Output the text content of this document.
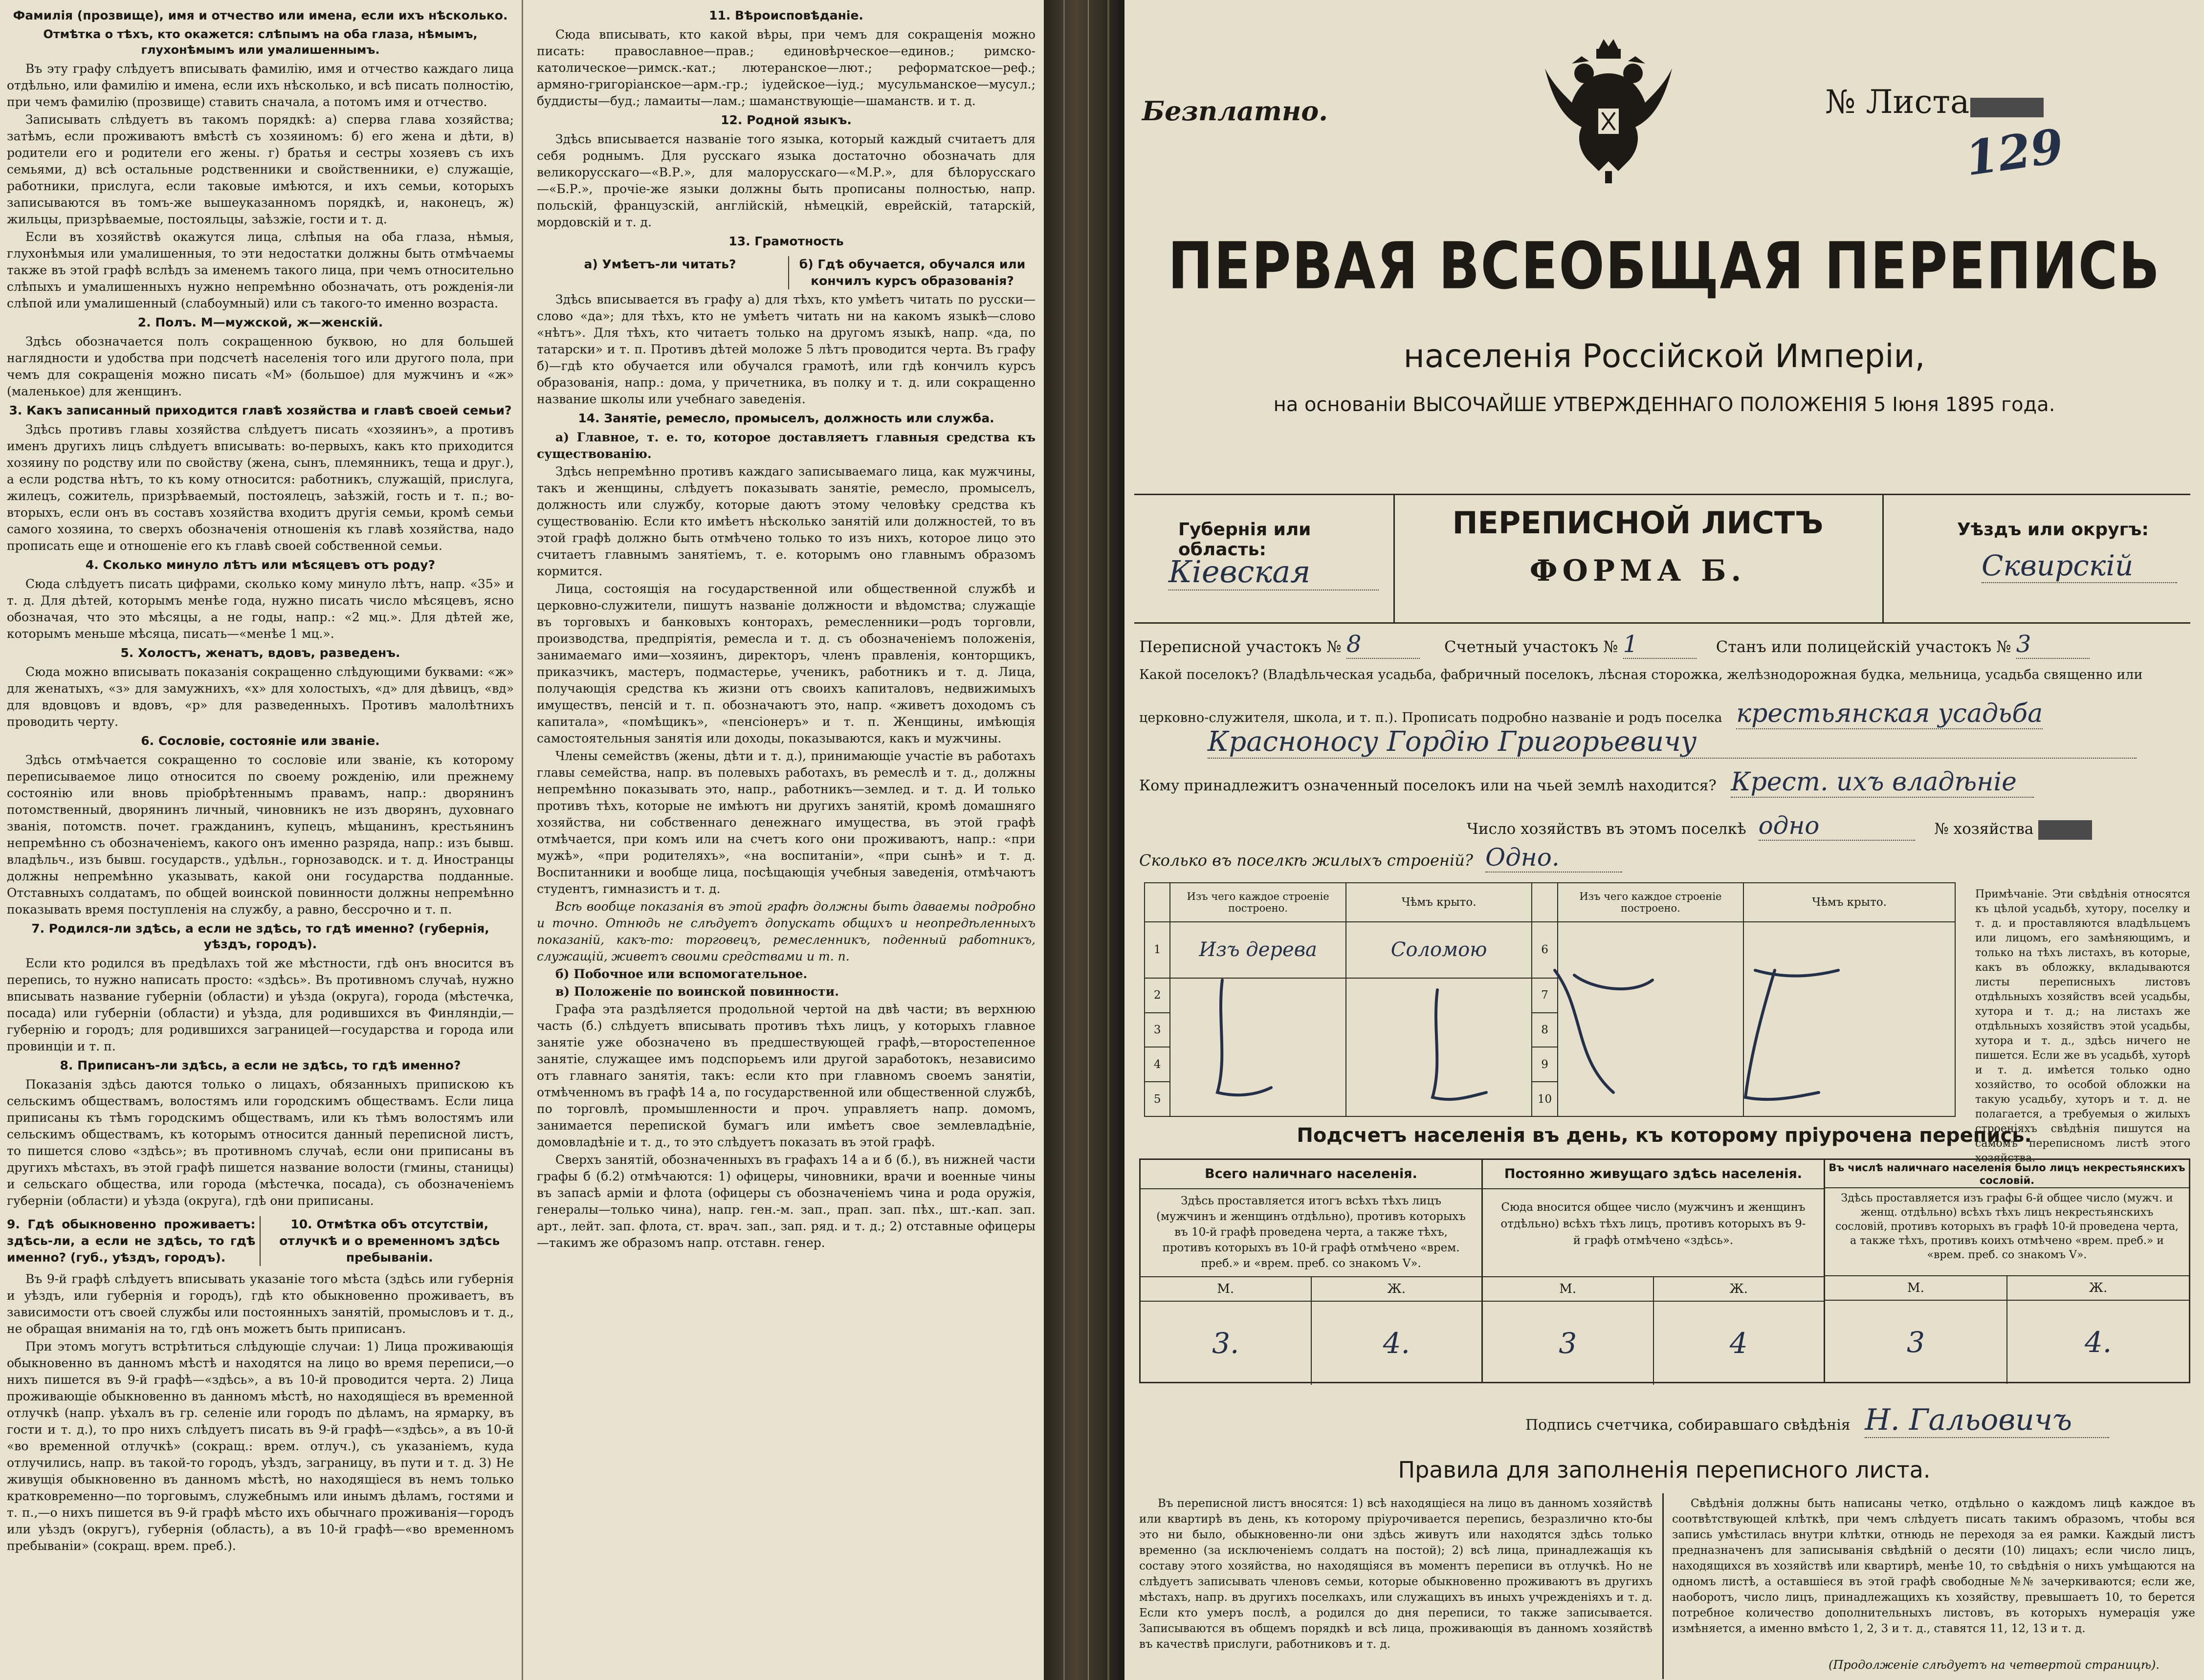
Фамилія (прозвище), имя и отчество или имена, если ихъ нѣсколько.
Отмѣтка о тѣхъ, кто окажется: слѣпымъ на оба глаза, нѣмымъ, глухонѣмымъ или умалишеннымъ.
Въ эту графу слѣдуетъ вписывать фамилію, имя и отчество каждаго лица отдѣльно, или фамилію и имена, если ихъ нѣсколько, и всѣ писать полностію, при чемъ фамилію (прозвище) ставить сначала, а потомъ имя и отчество.
Записывать слѣдуетъ въ такомъ порядкѣ: а) сперва глава хозяйства; затѣмъ, если проживаютъ вмѣстѣ съ хозяиномъ: б) его жена и дѣти, в) родители его и родители его жены. г) братья и сестры хозяевъ съ ихъ семьями, д) всѣ остальные родственники и свойственники, е) служащіе, работники, прислуга, если таковые имѣются, и ихъ семьи, которыхъ записываются въ томъ-же вышеуказанномъ порядкѣ, и, наконецъ, ж) жильцы, призрѣваемые, постояльцы, заѣзжіе, гости и т. д.
Если въ хозяйствѣ окажутся лица, слѣпыя на оба глаза, нѣмыя, глухонѣмыя или умалишенныя, то эти недостатки должны быть отмѣчаемы также въ этой графѣ вслѣдъ за именемъ такого лица, при чемъ относительно слѣпыхъ и умалишенныхъ нужно непремѣнно обозначать, отъ рожденія-ли слѣпой или умалишенный (слабоумный) или съ такого-то именно возраста.
2. Полъ. М—мужской, ж—женскій.
Здѣсь обозначается полъ сокращенною буквою, но для большей наглядности и удобства при подсчетѣ населенія того или другого пола, при чемъ для сокращенія можно писать «М» (большое) для мужчинъ и «ж» (маленькое) для женщинъ.
3. Какъ записанный приходится главѣ хозяйства и главѣ своей семьи?
Здѣсь противъ главы хозяйства слѣдуетъ писать «хозяинъ», а противъ именъ другихъ лицъ слѣдуетъ вписывать: во-первыхъ, какъ кто приходится хозяину по родству или по свойству (жена, сынъ, племянникъ, теща и друг.), а если родства нѣтъ, то къ кому относится: работникъ, служащій, прислуга, жилецъ, сожитель, призрѣваемый, постоялецъ, заѣзжій, гость и т. п.; во-вторыхъ, если онъ въ составъ хозяйства входитъ другія семьи, кромѣ семьи самого хозяина, то сверхъ обозначенія отношенія къ главѣ хозяйства, надо прописать еще и отношеніе его къ главѣ своей собственной семьи.
4. Сколько минуло лѣтъ или мѣсяцевъ отъ роду?
Сюда слѣдуетъ писать цифрами, сколько кому минуло лѣтъ, напр. «35» и т. д. Для дѣтей, которымъ менѣе года, нужно писать число мѣсяцевъ, ясно обозначая, что это мѣсяцы, а не годы, напр.: «2 мц.». Для дѣтей же, которымъ меньше мѣсяца, писать—«менѣе 1 мц.».
5. Холостъ, женатъ, вдовъ, разведенъ.
Сюда можно вписывать показанія сокращенно слѣдующими буквами: «ж» для женатыхъ, «з» для замужнихъ, «х» для холостыхъ, «д» для дѣвицъ, «вд» для вдовцовъ и вдовъ, «р» для разведенныхъ. Противъ малолѣтнихъ проводить черту.
6. Сословіе, состояніе или званіе.
Здѣсь отмѣчается сокращенно то сословіе или званіе, къ которому переписываемое лицо относится по своему рожденію, или прежнему состоянію или вновь пріобрѣтеннымъ правамъ, напр.: дворянинъ потомственный, дворянинъ личный, чиновникъ не изъ дворянъ, духовнаго званія, потомств. почет. гражданинъ, купецъ, мѣщанинъ, крестьянинъ непремѣнно съ обозначеніемъ, какого онъ именно разряда, напр.: изъ бывш. владѣльч., изъ бывш. государств., удѣльн., горнозаводск. и т. д. Иностранцы должны непремѣнно указывать, какой они государства подданные. Отставныхъ солдатамъ, по общей воинской повинности должны непремѣнно показывать время поступленія на службу, а равно, бессрочно и т. п.
7. Родился-ли здѣсь, а если не здѣсь, то гдѣ именно? (губернія, уѣздъ, городъ).
Если кто родился въ предѣлахъ той же мѣстности, гдѣ онъ вносится въ перепись, то нужно написать просто: «здѣсь». Въ противномъ случаѣ, нужно вписывать название губерніи (области) и уѣзда (округа), города (мѣстечка, посада) или губерніи (области) и уѣзда, для родившихся въ Финляндіи,—губернію и городъ; для родившихся заграницей—государства и города или провинціи и т. п.
8. Приписанъ-ли здѣсь, а если не здѣсь, то гдѣ именно?
Показанія здѣсь даются только о лицахъ, обязанныхъ припискою къ сельскимъ обществамъ, волостямъ или городскимъ обществамъ. Если лица приписаны къ тѣмъ городскимъ обществамъ, или къ тѣмъ волостямъ или сельскимъ обществамъ, къ которымъ относится данный переписной листъ, то пишется слово «здѣсь»; въ противномъ случаѣ, если они приписаны въ другихъ мѣстахъ, въ этой графѣ пишется название волости (гмины, станицы) и сельскаго общества, или города (мѣстечка, посада), съ обозначеніемъ губерніи (области) и уѣзда (округа), гдѣ они приписаны.
9. Гдѣ обыкновенно проживаетъ: здѣсь-ли, а если не здѣсь, то гдѣ именно? (губ., уѣздъ, городъ).
10. Отмѣтка объ отсутствіи, отлучкѣ и о временномъ здѣсь пребываніи.
Въ 9-й графѣ слѣдуетъ вписывать указаніе того мѣста (здѣсь или губернія и уѣздъ, или губернія и городъ), гдѣ кто обыкновенно проживаетъ, въ зависимости отъ своей службы или постоянныхъ занятій, промысловъ и т. д., не обращая вниманія на то, гдѣ онъ можетъ быть приписанъ.
При этомъ могутъ встрѣтиться слѣдующіе случаи: 1) Лица проживающія обыкновенно въ данномъ мѣстѣ и находятся на лицо во время переписи,—о нихъ пишется въ 9-й графѣ—«здѣсь», а въ 10-й проводится черта. 2) Лица проживающіе обыкновенно въ данномъ мѣстѣ, но находящіеся въ временной отлучкѣ (напр. уѣхалъ въ гр. селеніе или городъ по дѣламъ, на ярмарку, въ гости и т. д.), то про нихъ слѣдуетъ писать въ 9-й графѣ—«здѣсь», а въ 10-й «во временной отлучкѣ» (сокращ.: врем. отлуч.), съ указаніемъ, куда отлучились, напр. въ такой-то городъ, уѣздъ, заграницу, въ пути и т. д. 3) Не живущія обыкновенно въ данномъ мѣстѣ, но находящіеся въ немъ только кратковременно—по торговымъ, служебнымъ или инымъ дѣламъ, гостями и т. п.,—о нихъ пишется въ 9-й графѣ мѣсто ихъ обычнаго проживанія—городъ или уѣздъ (округъ), губернія (область), а въ 10-й графѣ—«во временномъ пребываніи» (сокращ. врем. преб.).
11. Вѣроисповѣданіе.
Сюда вписывать, кто какой вѣры, при чемъ для сокращенія можно писать: православное—прав.; единовѣрческое—единов.; римско-католическое—римск.-кат.; лютеранское—лют.; реформатское—реф.; армяно-григоріанское—арм.-гр.; іудейское—іуд.; мусульманское—мусул.; буддисты—буд.; ламаиты—лам.; шаманствующіе—шаманств. и т. д.
12. Родной языкъ.
Здѣсь вписывается названіе того языка, который каждый считаетъ для себя роднымъ. Для русскаго языка достаточно обозначать для великорусскаго—«В.Р.», для малорусскаго—«М.Р.», для бѣлорусскаго—«Б.Р.», прочіе-же языки должны быть прописаны полностью, напр. польскій, французскій, англійскій, нѣмецкій, еврейскій, татарскій, мордовскій и т. д.
13. Грамотность
а) Умѣетъ-ли читать?	б) Гдѣ обучается, обучался или кончилъ курсъ образованія?
Здѣсь вписывается въ графу а) для тѣхъ, кто умѣетъ читать по русски—слово «да»; для тѣхъ, кто не умѣетъ читать ни на какомъ языкѣ—слово «нѣтъ». Для тѣхъ, кто читаетъ только на другомъ языкѣ, напр. «да, по татарски» и т. п. Противъ дѣтей моложе 5 лѣтъ проводится черта. Въ графу б)—гдѣ кто обучается или обучался грамотѣ, или гдѣ кончилъ курсъ образованія, напр.: дома, у причетника, въ полку и т. д. или сокращенно название школы или учебнаго заведенія.
14. Занятіе, ремесло, промыселъ, должность или служба.
а) Главное, т. е. то, которое доставляетъ главныя средства къ существованію.
Здѣсь непремѣнно противъ каждаго записываемаго лица, как мужчины, такъ и женщины, слѣдуетъ показывать занятіе, ремесло, промыселъ, должность или службу, которые даютъ этому человѣку средства къ существованію. Если кто имѣетъ нѣсколько занятій или должностей, то въ этой графѣ должно быть отмѣчено только то изъ нихъ, которое лицо это считаетъ главнымъ занятіемъ, т. е. которымъ оно главнымъ образомъ кормится.
Лица, состоящія на государственной или общественной службѣ и церковно-служители, пишутъ названіе должности и вѣдомства; служащіе въ торговыхъ и банковыхъ конторахъ, ремесленники—родъ торговли, производства, предпріятія, ремесла и т. д. съ обозначеніемъ положенія, занимаемаго ими—хозяинъ, директоръ, членъ правленія, конторщикъ, приказчикъ, мастеръ, подмастерье, ученикъ, работникъ и т. д. Лица, получающія средства къ жизни отъ своихъ капиталовъ, недвижимыхъ имуществъ, пенсій и т. п. обозначаютъ это, напр. «живетъ доходомъ съ капитала», «помѣщикъ», «пенсіонеръ» и т. п. Женщины, имѣющія самостоятельныя занятія или доходы, показываются, какъ и мужчины.
Члены семействъ (жены, дѣти и т. д.), принимающіе участіе въ работахъ главы семейства, напр. въ полевыхъ работахъ, въ ремеслѣ и т. д., должны непремѣнно показывать это, напр., работникъ—землед. и т. д. И только противъ тѣхъ, которые не имѣютъ ни другихъ занятій, кромѣ домашняго хозяйства, ни собственнаго денежнаго имущества, въ этой графѣ отмѣчается, при комъ или на счетъ кого они проживаютъ, напр.: «при мужѣ», «при родителяхъ», «на воспитаніи», «при сынѣ» и т. д. Воспитанники и вообще лица, посѣщающія учебныя заведенія, отмѣчаютъ студентъ, гимназистъ и т. д.
Всѣ вообще показанія въ этой графѣ должны быть даваемы подробно и точно. Отнюдь не слѣдуетъ допускать общихъ и неопредѣленныхъ показаній, какъ-то: торговецъ, ремесленникъ, поденный работникъ, служащій, живетъ своими средствами и т. п.
б) Побочное или вспомогательное.
в) Положеніе по воинской повинности.
Графа эта раздѣляется продольной чертой на двѣ части; въ верхнюю часть (б.) слѣдуетъ вписывать противъ тѣхъ лицъ, у которыхъ главное занятіе уже обозначено въ предшествующей графѣ,—второстепенное занятіе, служащее имъ подспорьемъ или другой заработокъ, независимо отъ главнаго занятія, такъ: если кто при главномъ своемъ занятіи, отмѣченномъ въ графѣ 14 а, по государственной или общественной службѣ, по торговлѣ, промышленности и проч. управляетъ напр. домомъ, занимается перепиской бумагъ или имѣетъ свое землевладѣніе, домовладѣніе и т. д., то это слѣдуетъ показать въ этой графѣ.
Сверхъ занятій, обозначенныхъ въ графахъ 14 а и б (б.), въ нижней части графы б (б.2) отмѣчаются: 1) офицеры, чиновники, врачи и военные чины въ запасѣ армiи и флота (офицеры съ обозначеніемъ чина и рода оружія, генералы—только чина), напр. ген.-м. зап., прап. зап. пѣх., шт.-кап. зап. арт., лейт. зап. флота, ст. врач. зап., зап. ряд. и т. д.; 2) отставные офицеры—такимъ же образомъ напр. отставн. генер.
Безплатно.	№ Листа
129
ПЕРВАЯ ВСЕОБЩАЯ ПЕРЕПИСЬ
населенія Россійской Имперіи,
на основаніи ВЫСОЧАЙШЕ УТВЕРЖДЕННАГО ПОЛОЖЕНІЯ 5 Іюня 1895 года.
Губернія или область:
Кіевская
ПЕРЕПИСНОЙ ЛИСТЪ
ФОРМА Б.
Уѣздъ или округъ:
Сквирскій
Переписной участокъ № 8	Счетный участокъ № 1	Станъ или полицейскій участокъ № 3
Какой поселокъ? (Владѣльческая усадьба, фабричный поселокъ, лѣсная сторожка, желѣзнодорожная будка, мельница, усадьба священно или
церковно-служителя, школа, и т. п.). Прописать подробно названіе и родъ поселка крестьянская усадьба
Красноносу Гордію Григорьевичу
Кому принадлежитъ означенный поселокъ или на чьей землѣ находится? Крест. ихъ владѣніе
Число хозяйствъ въ этомъ поселкѣ одно	№ хозяйства
Сколько въ поселкѣ жилыхъ строеній? Одно.
	Изъ чего каждое строеніе построено.	Чѣмъ крыто.		Изъ чего каждое строеніе построено.	Чѣмъ крыто.
1	Изъ дерева	Соломою	6		
2			7		
3			8		
4			9		
5			10		
Примѣчаніе. Эти свѣдѣнія относятся къ цѣлой усадьбѣ, хутору, поселку и т. д. и проставляются владѣльцемъ или лицомъ, его замѣняющимъ, и только на тѣхъ листахъ, въ которые, какъ въ обложку, вкладываются листы переписныхъ листовъ отдѣльныхъ хозяйствъ всей усадьбы, хутора и т. д.; на листахъ же отдѣльныхъ хозяйствъ этой усадьбы, хутора и т. д., здѣсь ничего не пишется. Если же въ усадьбѣ, хуторѣ и т. д. имѣется только одно хозяйство, то особой обложки на такую усадьбу, хуторъ и т. д. не полагается, а требуемыя о жилыхъ строеніяхъ свѣдѣнія пишутся на самомъ переписномъ листѣ этого хозяйства.
Подсчетъ населенія въ день, къ которому пріурочена перепись.
Всего наличнаго населенія.
Здѣсь проставляется итогъ всѣхъ тѣхъ лицъ (мужчинъ и женщинъ отдѣльно), противъ которыхъ въ 10-й графѣ проведена черта, а также тѣхъ, противъ которыхъ въ 10-й графѣ отмѣчено «врем. преб.» и «врем. преб. со знакомъ V».
М.	Ж.
3.	4.
Постоянно живущаго здѣсь населенія.
Сюда вносится общее число (мужчинъ и женщинъ отдѣльно) всѣхъ тѣхъ лицъ, противъ которыхъ въ 9-й графѣ отмѣчено «здѣсь».
М.	Ж.
3	4
Въ числѣ наличнаго населенія было лицъ некрестьянскихъ сословій.
Здѣсь проставляется изъ графы 6-й общее число (мужч. и женщ. отдѣльно) всѣхъ тѣхъ лицъ некрестьянскихъ сословій, противъ которыхъ въ графѣ 10-й проведена черта, а также тѣхъ, противъ коихъ отмѣчено «врем. преб.» и «врем. преб. со знакомъ V».
М.	Ж.
3	4.
Подпись счетчика, собиравшаго свѣдѣнія Н. Гальовичъ
Правила для заполненія переписного листа.
Въ переписной листъ вносятся: 1) всѣ находящіеся на лицо въ данномъ хозяйствѣ или квартирѣ въ день, къ которому пріурочивается перепись, безразлично кто-бы это ни было, обыкновенно-ли они здѣсь живутъ или находятся здѣсь только временно (за исключеніемъ солдатъ на постой); 2) всѣ лица, принадлежащія къ составу этого хозяйства, но находящіяся въ моментъ переписи въ отлучкѣ. Но не слѣдуетъ записывать членовъ семьи, которые обыкновенно проживаютъ въ другихъ мѣстахъ, напр. въ другихъ поселкахъ, или служащихъ въ иныхъ учрежденіяхъ и т. д. Если кто умеръ послѣ, а родился до дня переписи, то также записывается. Записываются въ общемъ порядкѣ и всѣ лица, проживающія въ данномъ хозяйствѣ въ качествѣ прислуги, работниковъ и т. д.
Свѣдѣнія должны быть написаны четко, отдѣльно о каждомъ лицѣ каждое въ соотвѣтствующей клѣткѣ, при чемъ слѣдуетъ писать такимъ образомъ, чтобы вся запись умѣстилась внутри клѣтки, отнюдь не переходя за ея рамки. Каждый листъ предназначенъ для записыванія свѣдѣній о десяти (10) лицахъ; если число лицъ, находящихся въ хозяйствѣ или квартирѣ, менѣе 10, то свѣдѣнія о нихъ умѣщаются на одномъ листѣ, а оставшіеся въ этой графѣ свободные №№ зачеркиваются; если же, наоборотъ, число лицъ, принадлежащихъ къ хозяйству, превышаетъ 10, то берется потребное количество дополнительныхъ листовъ, въ которыхъ нумерація уже измѣняется, а именно вмѣсто 1, 2, 3 и т. д., ставятся 11, 12, 13 и т. д.
(Продолженіе слѣдуетъ на четвертой страницѣ).
